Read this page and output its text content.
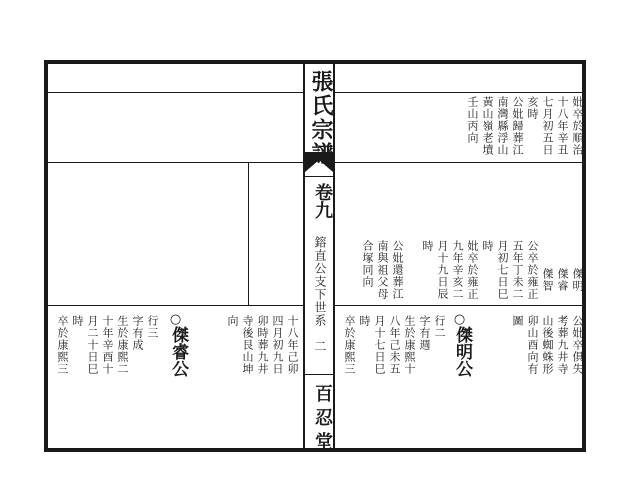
張氏宗譜
卷九
鎔直公支下世系
二
百忍堂
妣卒於順治
十八年辛丑
七月初五日
亥時
公妣歸葬江
南灣縣浮山
黃山嶺老墳
壬山丙向
傑明
傑睿
傑智
公卒於雍正
五年丁未二
月初七日巳
時
妣卒於雍正
九年辛亥二
月十九日辰
時
公妣還葬江
南與祖父母
合塚同向
公妣卒俱失
考葬九井寺
山後蜘蛛形
卯山酉向有
圖
○
傑明公
行二
字有週
生於康熙十
八年己未五
月十七日巳
時
卒於康熙三
十八年己卯
四月初九日
卯時葬九井
寺後艮山坤
向
○
傑睿公
行三
字有成
生於康熙二
十年辛酉十
月二十日巳
時
卒於康熙三
